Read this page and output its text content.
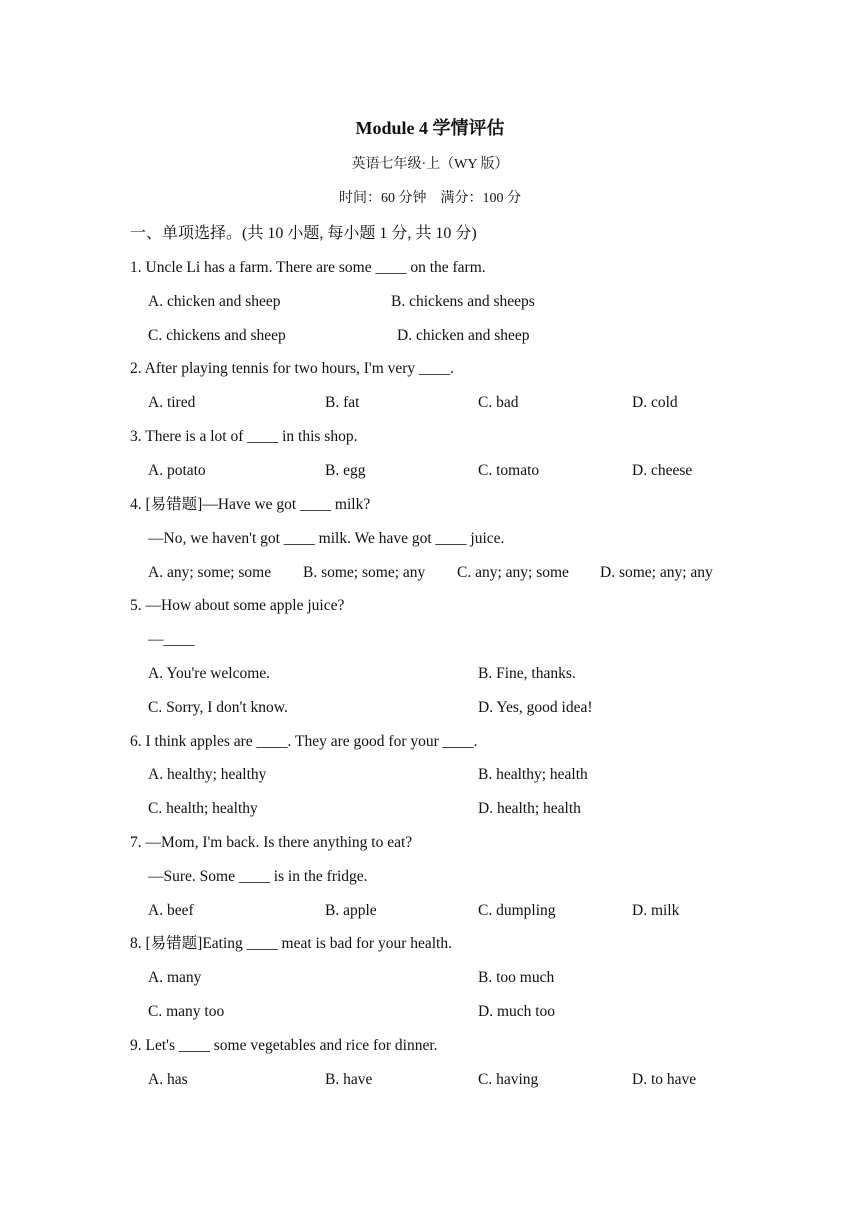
Module 4 学情评估
英语七年级·上（WY 版）
时间：60 分钟　满分：100 分
一、单项选择。(共 10 小题, 每小题 1 分, 共 10 分)
1. Uncle Li has a farm. There are some ____ on the farm.
A. chicken and sheep	B. chickens and sheeps
C. chickens and sheep	D. chicken and sheep
2. After playing tennis for two hours, I'm very ____.
A. tired	B. fat	C. bad	D. cold
3. There is a lot of ____ in this shop.
A. potato	B. egg	C. tomato	D. cheese
4. [易错题]—Have we got ____ milk?
—No, we haven't got ____ milk. We have got ____ juice.
A. any; some; some B. some; some; any C. any; any; some D. some; any; any
5. —How about some apple juice?
—____
A. You're welcome.	B. Fine, thanks.
C. Sorry, I don't know.	D. Yes, good idea!
6. I think apples are ____. They are good for your ____.
A. healthy; healthy	B. healthy; health
C. health; healthy	D. health; health
7. —Mom, I'm back. Is there anything to eat?
—Sure. Some ____ is in the fridge.
A. beef	B. apple	C. dumpling	D. milk
8. [易错题]Eating ____ meat is bad for your health.
A. many	B. too much
C. many too	D. much too
9. Let's ____ some vegetables and rice for dinner.
A. has	B. have	C. having	D. to have
